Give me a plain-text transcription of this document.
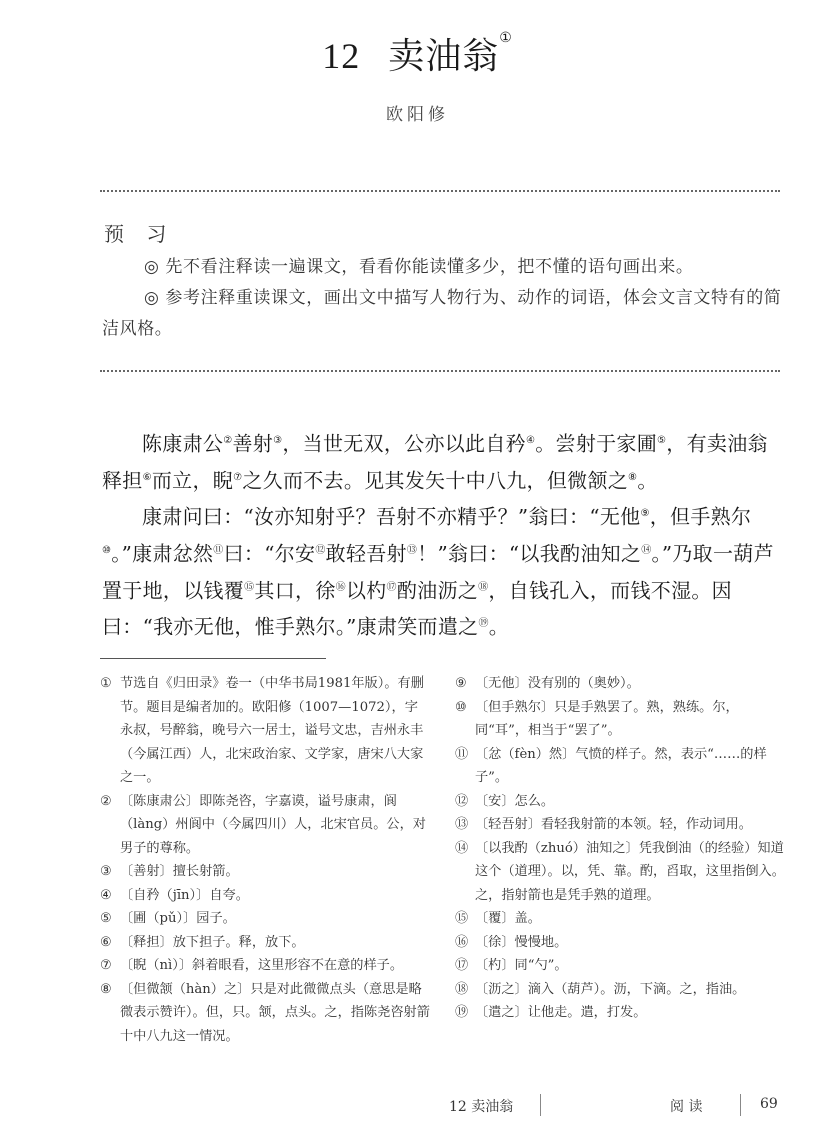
12 卖油翁①
欧阳修
预 习

◎ 先不看注释读一遍课文，看看你能读懂多少，把不懂的语句画出来。

◎ 参考注释重读课文，画出文中描写人物行为、动作的词语，体会文言文特有的简洁风格。

陈康肃公②善射③，当世无双，公亦以此自矜④。尝射于家圃⑤，有卖油翁释担⑥而立，睨⑦之久而不去。见其发矢十中八九，但微颔之⑧。

康肃问曰：“汝亦知射乎？吾射不亦精乎？”翁曰：“无他⑨，但手熟尔⑩。”康肃忿然⑪曰：“尔安⑫敢轻吾射⑬！”翁曰：“以我酌油知之⑭。”乃取一葫芦置于地，以钱覆⑮其口，徐⑯以杓⑰酌油沥之⑱，自钱孔入，而钱不湿。因曰：“我亦无他，惟手熟尔。”康肃笑而遣之⑲。

① 节选自《归田录》卷一（中华书局1981年版）。有删节。题目是编者加的。欧阳修（1007—1072），字永叔，号醉翁，晚号六一居士，谥号文忠，吉州永丰（今属江西）人，北宋政治家、文学家，唐宋八大家之一。
② 〔陈康肃公〕即陈尧咨，字嘉谟，谥号康肃，阆（làng）州阆中（今属四川）人，北宋官员。公，对男子的尊称。
③ 〔善射〕擅长射箭。
④ 〔自矜（jīn）〕自夸。
⑤ 〔圃（pǔ）〕园子。
⑥ 〔释担〕放下担子。释，放下。
⑦ 〔睨（nì）〕斜着眼看，这里形容不在意的样子。
⑧ 〔但微颔（hàn）之〕只是对此微微点头（意思是略微表示赞许）。但，只。颔，点头。之，指陈尧咨射箭十中八九这一情况。
⑨ 〔无他〕没有别的（奥妙）。
⑩ 〔但手熟尔〕只是手熟罢了。熟，熟练。尔，同“耳”，相当于“罢了”。
⑪ 〔忿（fèn）然〕气愤的样子。然，表示“……的样子”。
⑫ 〔安〕怎么。
⑬ 〔轻吾射〕看轻我射箭的本领。轻，作动词用。
⑭ 〔以我酌（zhuó）油知之〕凭我倒油（的经验）知道这个（道理）。以，凭、靠。酌，舀取，这里指倒入。之，指射箭也是凭手熟的道理。
⑮ 〔覆〕盖。
⑯ 〔徐〕慢慢地。
⑰ 〔杓〕同“勺”。
⑱ 〔沥之〕滴入（葫芦）。沥，下滴。之，指油。
⑲ 〔遣之〕让他走。遣，打发。
12 卖油翁	阅 读	69
